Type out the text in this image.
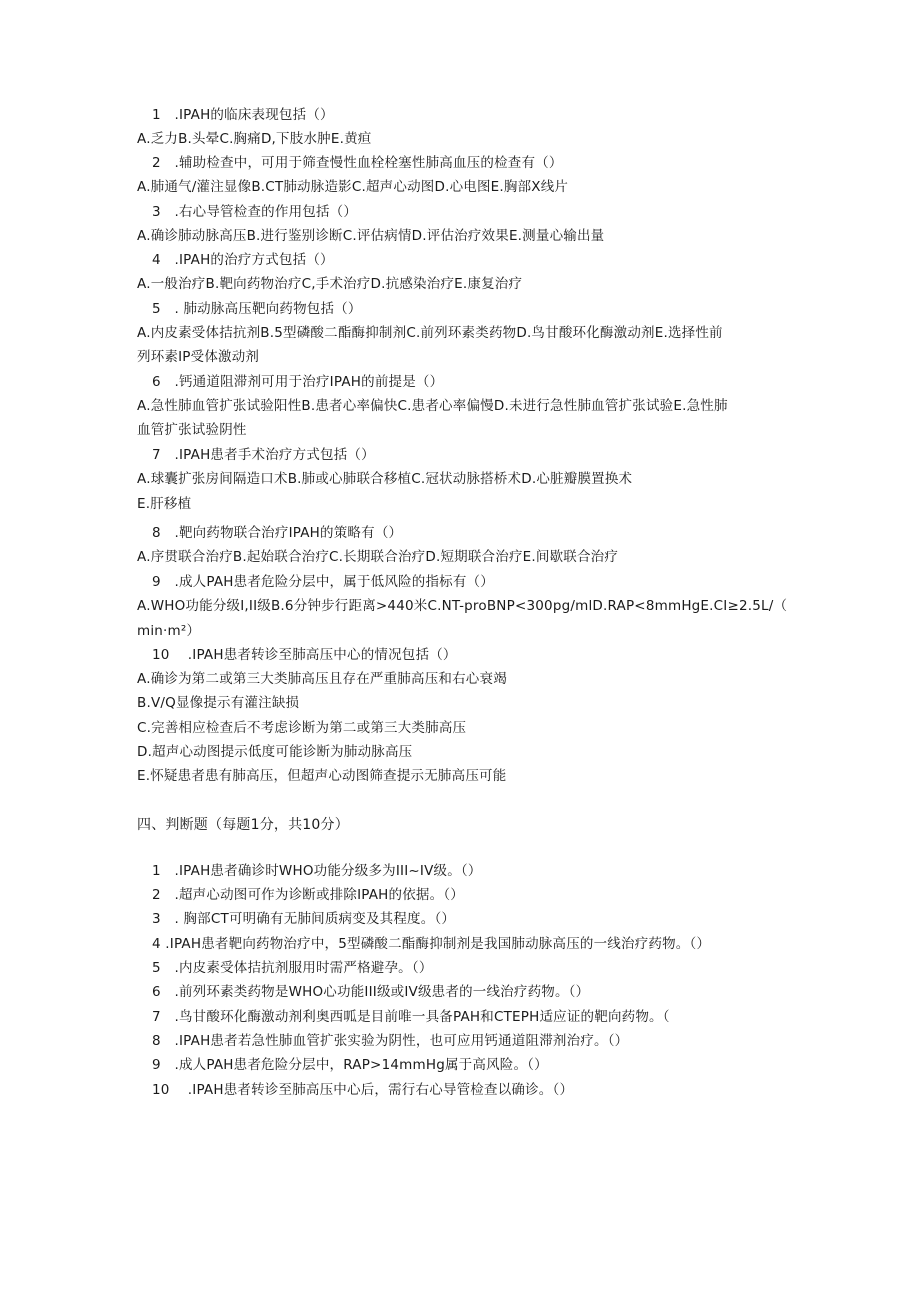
1　.IPAH的临床表现包括（）
A.乏力B.头晕C.胸痛D,下肢水肿E.黄疸
2　.辅助检查中，可用于筛查慢性血栓栓塞性肺高血压的检查有（）
A.肺通气/灌注显像B.CT肺动脉造影C.超声心动图D.心电图E.胸部X线片
3　.右心导管检查的作用包括（）
A.确诊肺动脉高压B.进行鉴别诊断C.评估病情D.评估治疗效果E.测量心输出量
4　.IPAH的治疗方式包括（）
A.一般治疗B.靶向药物治疗C,手术治疗D.抗感染治疗E.康复治疗
5　. 肺动脉高压靶向药物包括（）
A.内皮素受体拮抗剂B.5型磷酸二酯酶抑制剂C.前列环素类药物D.鸟甘酸环化酶激动剂E.选择性前
列环素IP受体激动剂
6　.钙通道阻滞剂可用于治疗IPAH的前提是（）
A.急性肺血管扩张试验阳性B.患者心率偏快C.患者心率偏慢D.未进行急性肺血管扩张试验E.急性肺
血管扩张试验阴性
7　.IPAH患者手术治疗方式包括（）
A.球囊扩张房间隔造口术B.肺或心肺联合移植C.冠状动脉搭桥术D.心脏瓣膜置换术
E.肝移植
8　.靶向药物联合治疗IPAH的策略有（）
A.序贯联合治疗B.起始联合治疗C.长期联合治疗D.短期联合治疗E.间歇联合治疗
9　.成人PAH患者危险分层中，属于低风险的指标有（）
A.WHO功能分级I,II级B.6分钟步行距离>440米C.NT-proBNP<300pg/mlD.RAP<8mmHgE.CI≥2.5L/（
min·m²）
10　 .IPAH患者转诊至肺高压中心的情况包括（）
A.确诊为第二或第三大类肺高压且存在严重肺高压和右心衰竭
B.V/Q显像提示有灌注缺损
C.完善相应检查后不考虑诊断为第二或第三大类肺高压
D.超声心动图提示低度可能诊断为肺动脉高压
E.怀疑患者患有肺高压，但超声心动图筛查提示无肺高压可能
四、判断题（每题1分，共10分）
1　.IPAH患者确诊时WHO功能分级多为III~IV级。（）
2　.超声心动图可作为诊断或排除IPAH的依据。（）
3　. 胸部CT可明确有无肺间质病变及其程度。（）
4 .IPAH患者靶向药物治疗中，5型磷酸二酯酶抑制剂是我国肺动脉高压的一线治疗药物。（）
5　.内皮素受体拮抗剂服用时需严格避孕。（）
6　.前列环素类药物是WHO心功能III级或IV级患者的一线治疗药物。（）
7　.鸟甘酸环化酶激动剂利奥西呱是目前唯一具备PAH和CTEPH适应证的靶向药物。（
8　.IPAH患者若急性肺血管扩张实验为阴性，也可应用钙通道阻滞剂治疗。（）
9　.成人PAH患者危险分层中，RAP>14mmHg属于高风险。（）
10　 .IPAH患者转诊至肺高压中心后，需行右心导管检查以确诊。（）
